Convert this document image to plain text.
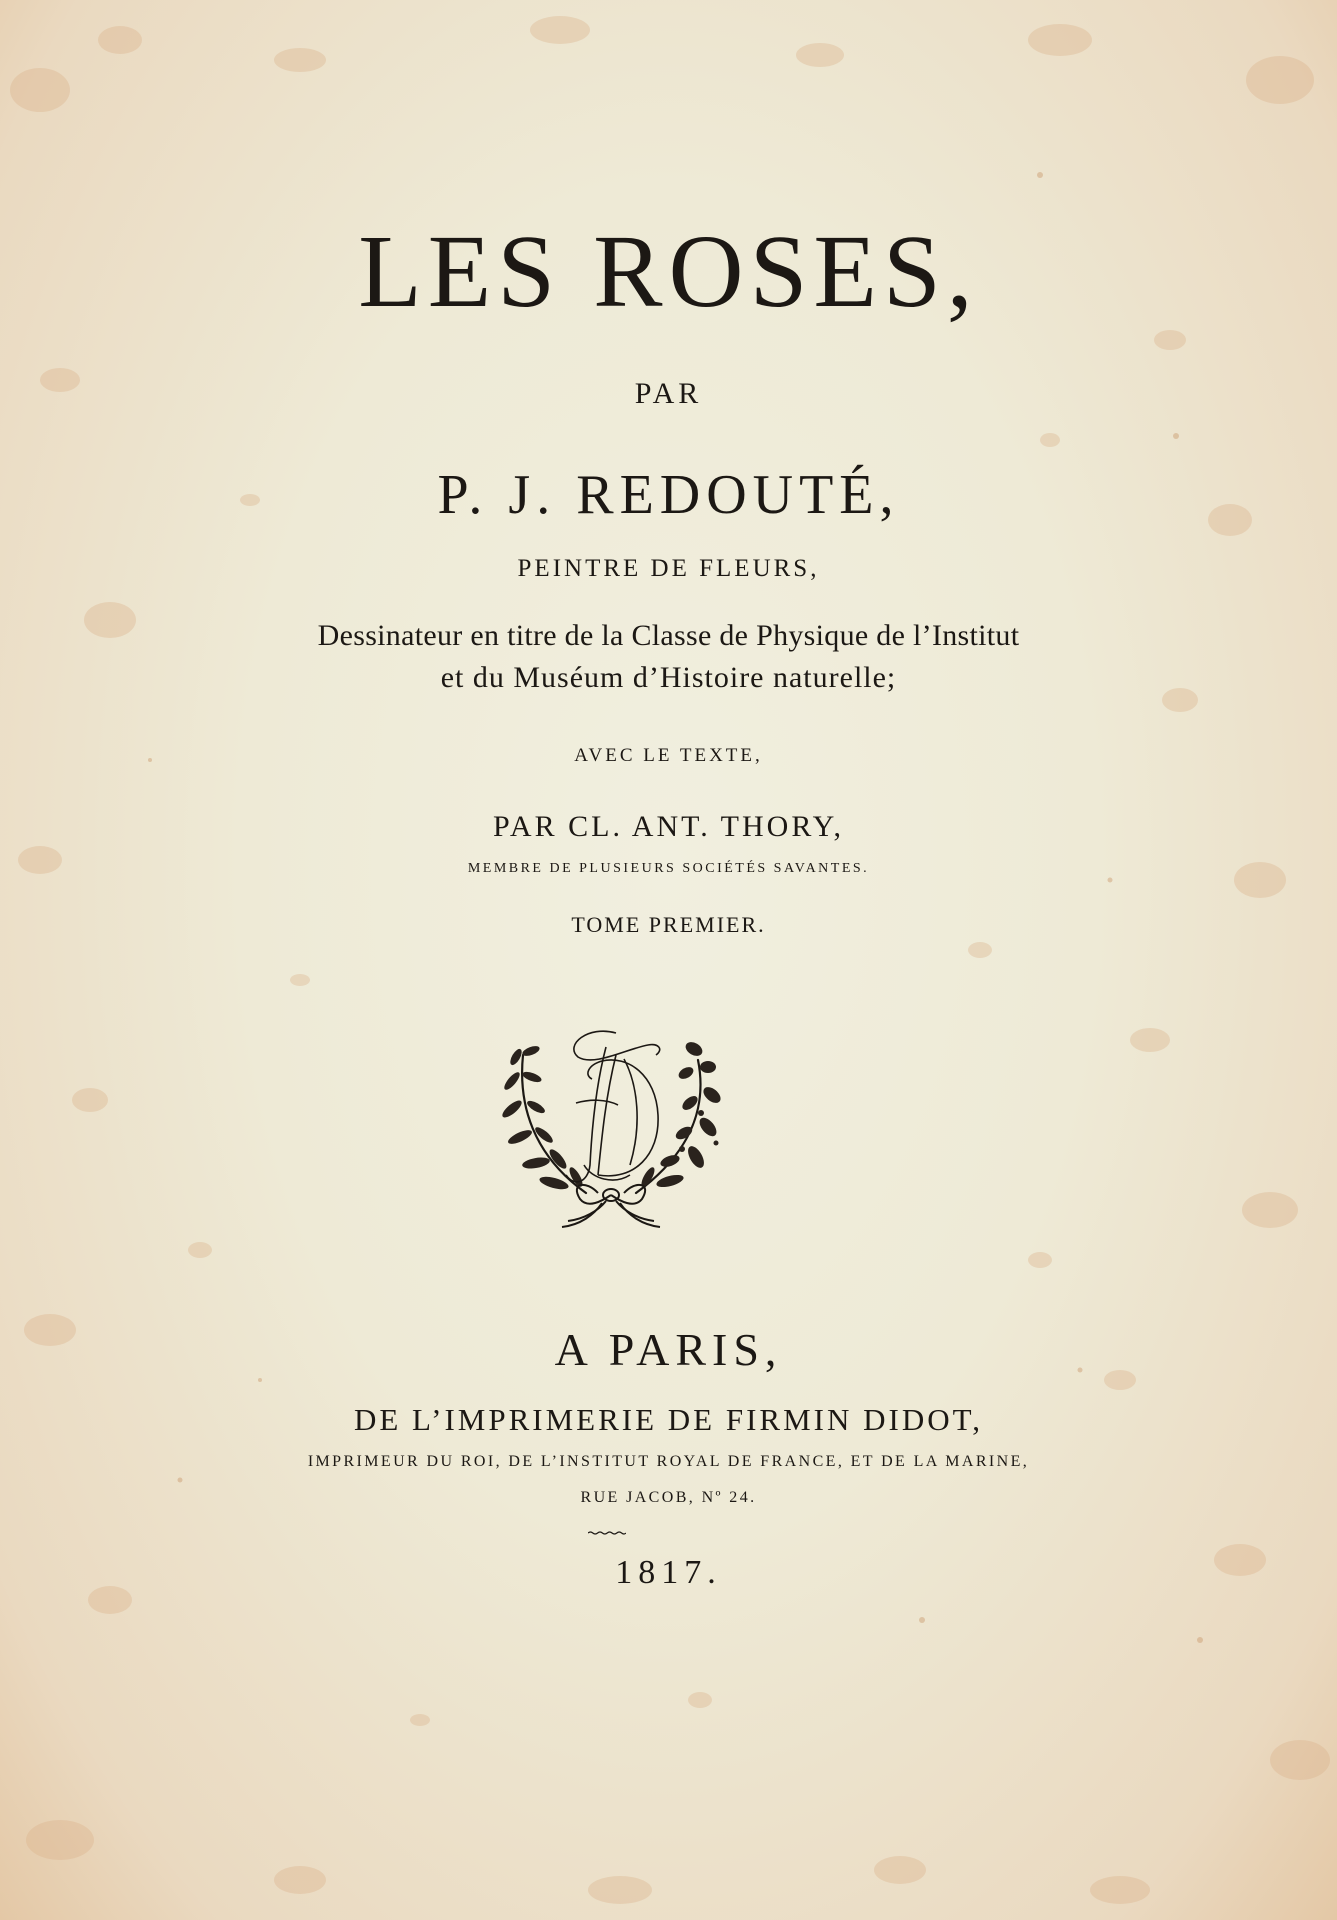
LES ROSES,
PAR
P. J. REDOUTÉ,
PEINTRE DE FLEURS,
Dessinateur en titre de la Classe de Physique de l’Institut
et du Muséum d’Histoire naturelle;
AVEC LE TEXTE,
PAR CL. ANT. THORY,
MEMBRE DE PLUSIEURS SOCIÉTÉS SAVANTES.
TOME PREMIER.
A PARIS,
DE L’IMPRIMERIE DE FIRMIN DIDOT,
IMPRIMEUR DU ROI, DE L’INSTITUT ROYAL DE FRANCE, ET DE LA MARINE,
RUE JACOB, Nº 24.
1817.
